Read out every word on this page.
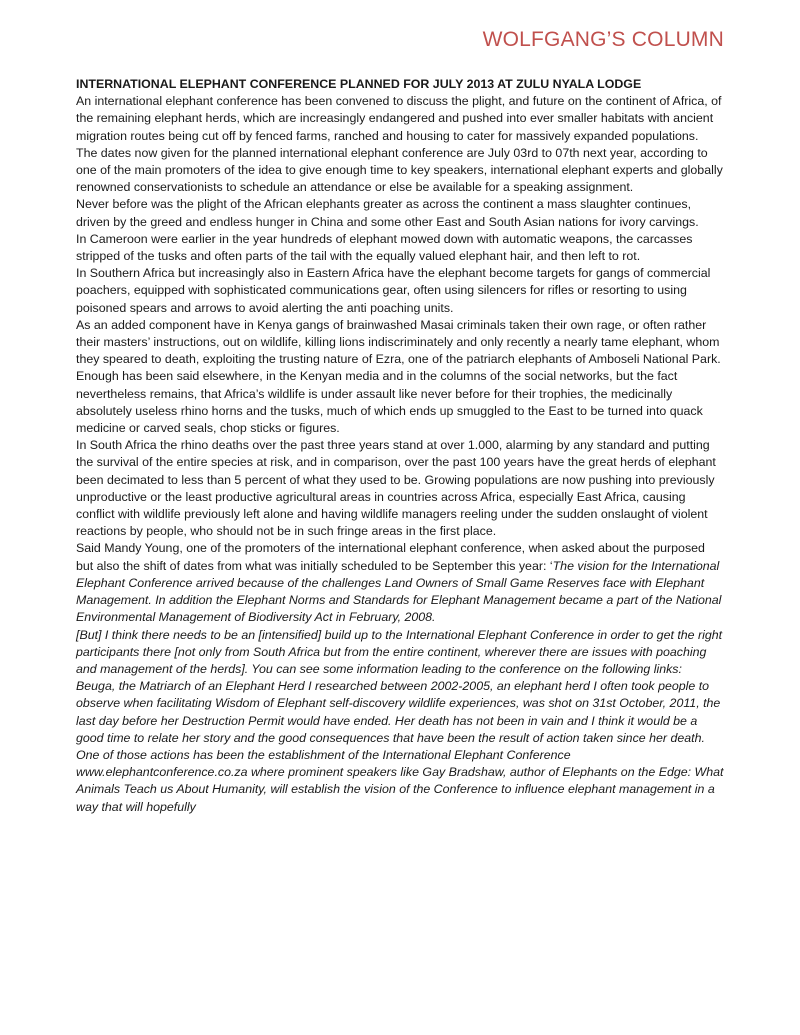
WOLFGANG’S COLUMN

INTERNATIONAL ELEPHANT CONFERENCE PLANNED FOR JULY 2013 AT ZULU NYALA LODGE

An international elephant conference has been convened to discuss the plight, and future on the continent of Africa, of the remaining elephant herds, which are increasingly endangered and pushed into ever smaller habitats with ancient migration routes being cut off by fenced farms, ranched and housing to cater for massively expanded populations.

The dates now given for the planned international elephant conference are July 03rd to 07th next year, according to one of the main promoters of the idea to give enough time to key speakers, international elephant experts and globally renowned conservationists to schedule an attendance or else be available for a speaking assignment.

Never before was the plight of the African elephants greater as across the continent a mass slaughter continues, driven by the greed and endless hunger in China and some other East and South Asian nations for ivory carvings.

In Cameroon were earlier in the year hundreds of elephant mowed down with automatic weapons, the carcasses stripped of the tusks and often parts of the tail with the equally valued elephant hair, and then left to rot.

In Southern Africa but increasingly also in Eastern Africa have the elephant become targets for gangs of commercial poachers, equipped with sophisticated communications gear, often using silencers for rifles or resorting to using poisoned spears and arrows to avoid alerting the anti poaching units.

As an added component have in Kenya gangs of brainwashed Masai criminals taken their own rage, or often rather their masters’ instructions, out on wildlife, killing lions indiscriminately and only recently a nearly tame elephant, whom they speared to death, exploiting the trusting nature of Ezra, one of the patriarch elephants of Amboseli National Park. Enough has been said elsewhere, in the Kenyan media and in the columns of the social networks, but the fact nevertheless remains, that Africa’s wildlife is under assault like never before for their trophies, the medicinally absolutely useless rhino horns and the tusks, much of which ends up smuggled to the East to be turned into quack medicine or carved seals, chop sticks or figures.

In South Africa the rhino deaths over the past three years stand at over 1.000, alarming by any standard and putting the survival of the entire species at risk, and in comparison, over the past 100 years have the great herds of elephant been decimated to less than 5 percent of what they used to be. Growing populations are now pushing into previously unproductive or the least productive agricultural areas in countries across Africa, especially East Africa, causing conflict with wildlife previously left alone and having wildlife managers reeling under the sudden onslaught of violent reactions by people, who should not be in such fringe areas in the first place.

Said Mandy Young, one of the promoters of the international elephant conference, when asked about the purposed but also the shift of dates from what was initially scheduled to be September this year: ‘The vision for the International Elephant Conference arrived because of the challenges Land Owners of Small Game Reserves face with Elephant Management. In addition the Elephant Norms and Standards for Elephant Management became a part of the National Environmental Management of Biodiversity Act in February, 2008.

[But] I think there needs to be an [intensified] build up to the International Elephant Conference in order to get the right participants there [not only from South Africa but from the entire continent, wherever there are issues with poaching and management of the herds]. You can see some information leading to the conference on the following links: Beuga, the Matriarch of an Elephant Herd I researched between 2002-2005, an elephant herd I often took people to observe when facilitating Wisdom of Elephant self-discovery wildlife experiences, was shot on 31st October, 2011, the last day before her Destruction Permit would have ended. Her death has not been in vain and I think it would be a good time to relate her story and the good consequences that have been the result of action taken since her death. One of those actions has been the establishment of the International Elephant Conference www.elephantconference.co.za where prominent speakers like Gay Bradshaw, author of Elephants on the Edge: What Animals Teach us About Humanity, will establish the vision of the Conference to influence elephant management in a way that will hopefully
